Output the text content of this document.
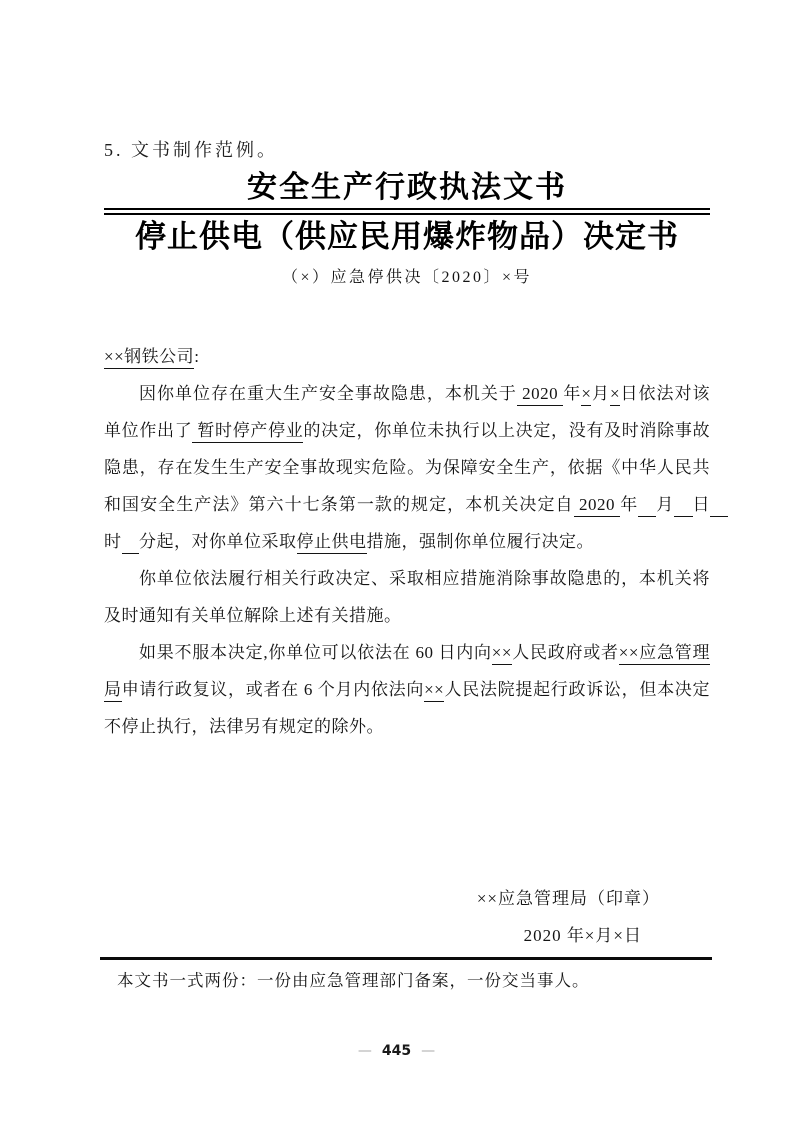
5. 文书制作范例。
安全生产行政执法文书
停止供电（供应民用爆炸物品）决定书
（×）应急停供决〔2020〕×号

××钢铁公司:

因你单位存在重大生产安全事故隐患，本机关于 2020 年×月×日依法对该单位作出了 暂时停产停业的决定，你单位未执行以上决定，没有及时消除事故隐患，存在发生生产安全事故现实危险。为保障安全生产，依据《中华人民共和国安全生产法》第六十七条第一款的规定，本机关决定自 2020 年　 月　 日　时　 分起，对你单位采取停止供电措施，强制你单位履行决定。

你单位依法履行相关行政决定、采取相应措施消除事故隐患的，本机关将及时通知有关单位解除上述有关措施。

如果不服本决定,你单位可以依法在 60 日内向××人民政府或者××应急管理局申请行政复议，或者在 6 个月内依法向××人民法院提起行政诉讼，但本决定不停止执行，法律另有规定的除外。

××应急管理局（印章）
2020 年×月×日
本文书一式两份：一份由应急管理部门备案，一份交当事人。
— 445 —
